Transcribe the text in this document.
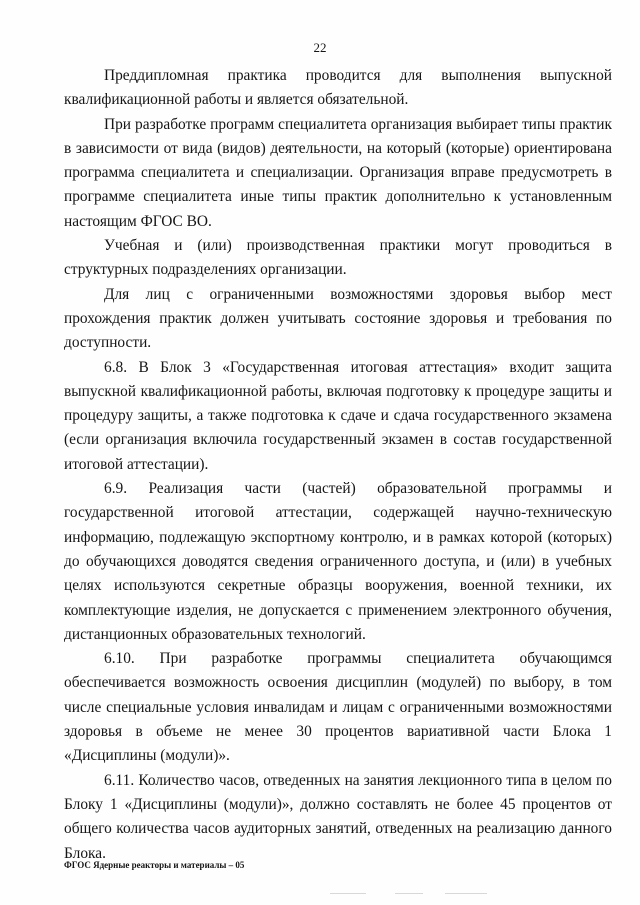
22

Преддипломная практика проводится для выполнения выпускной квалификационной работы и является обязательной.

При разработке программ специалитета организация выбирает типы практик в зависимости от вида (видов) деятельности, на который (которые) ориентирована программа специалитета и специализации. Организация вправе предусмотреть в программе специалитета иные типы практик дополнительно к установленным настоящим ФГОС ВО.

Учебная и (или) производственная практики могут проводиться в структурных подразделениях организации.

Для лиц с ограниченными возможностями здоровья выбор мест прохождения практик должен учитывать состояние здоровья и требования по доступности.

6.8. В Блок 3 «Государственная итоговая аттестация» входит защита выпускной квалификационной работы, включая подготовку к процедуре защиты и процедуру защиты, а также подготовка к сдаче и сдача государственного экзамена (если организация включила государственный экзамен в состав государственной итоговой аттестации).

6.9. Реализация части (частей) образовательной программы и государственной итоговой аттестации, содержащей научно-техническую информацию, подлежащую экспортному контролю, и в рамках которой (которых) до обучающихся доводятся сведения ограниченного доступа, и (или) в учебных целях используются секретные образцы вооружения, военной техники, их комплектующие изделия, не допускается с применением электронного обучения, дистанционных образовательных технологий.

6.10. При разработке программы специалитета обучающимся обеспечивается возможность освоения дисциплин (модулей) по выбору, в том числе специальные условия инвалидам и лицам с ограниченными возможностями здоровья в объеме не менее 30 процентов вариативной части Блока 1 «Дисциплины (модули)».

6.11. Количество часов, отведенных на занятия лекционного типа в целом по Блоку 1 «Дисциплины (модули)», должно составлять не более 45 процентов от общего количества часов аудиторных занятий, отведенных на реализацию данного Блока.

ФГОС Ядерные реакторы и материалы – 05
